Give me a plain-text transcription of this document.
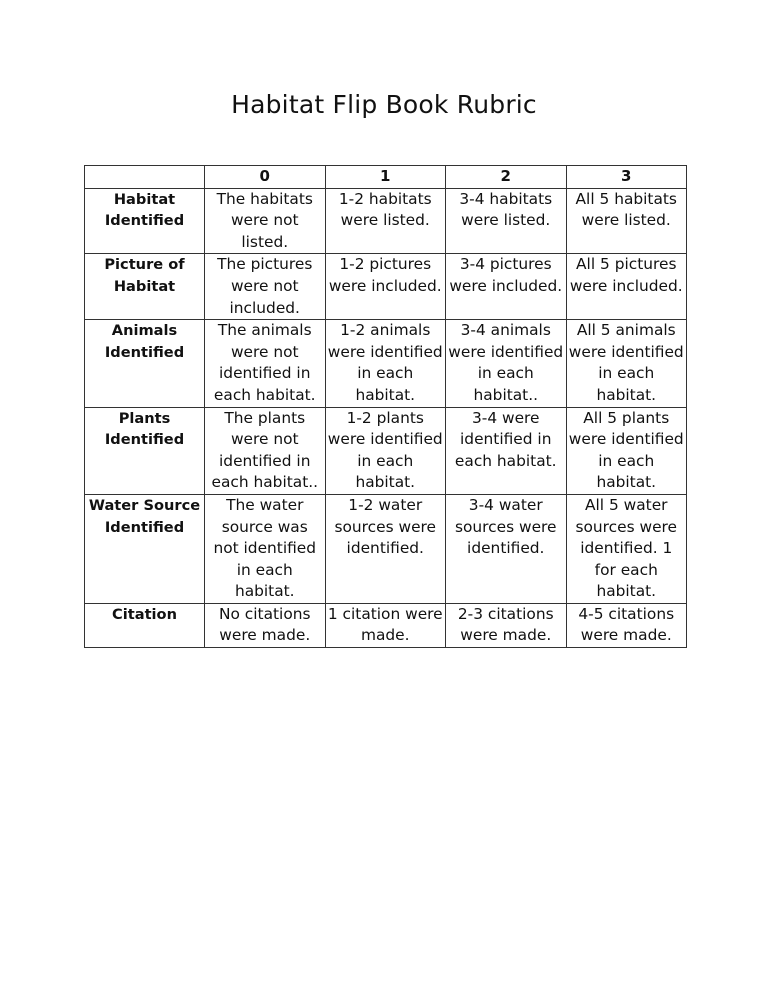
Habitat Flip Book Rubric
	0	1	2	3
Habitat Identified	The habitats were not listed.	1-2 habitats were listed.	3-4 habitats were listed.	All 5 habitats were listed.
Picture of Habitat	The pictures were not included.	1-2 pictures were included.	3-4 pictures were included.	All 5 pictures were included.
Animals Identified	The animals were not identified in each habitat.	1-2 animals were identified in each habitat.	3-4 animals were identified in each habitat..	All 5 animals were identified in each habitat.
Plants Identified	The plants were not identified in each habitat..	1-2 plants were identified in each habitat.	3-4 were identified in each habitat.	All 5 plants were identified in each habitat.
Water Source Identified	The water source was not identified in each habitat.	1-2 water sources were identified.	3-4 water sources were identified.	All 5 water sources were identified. 1 for each habitat.
Citation	No citations were made.	1 citation were made.	2-3 citations were made.	4-5 citations were made.
